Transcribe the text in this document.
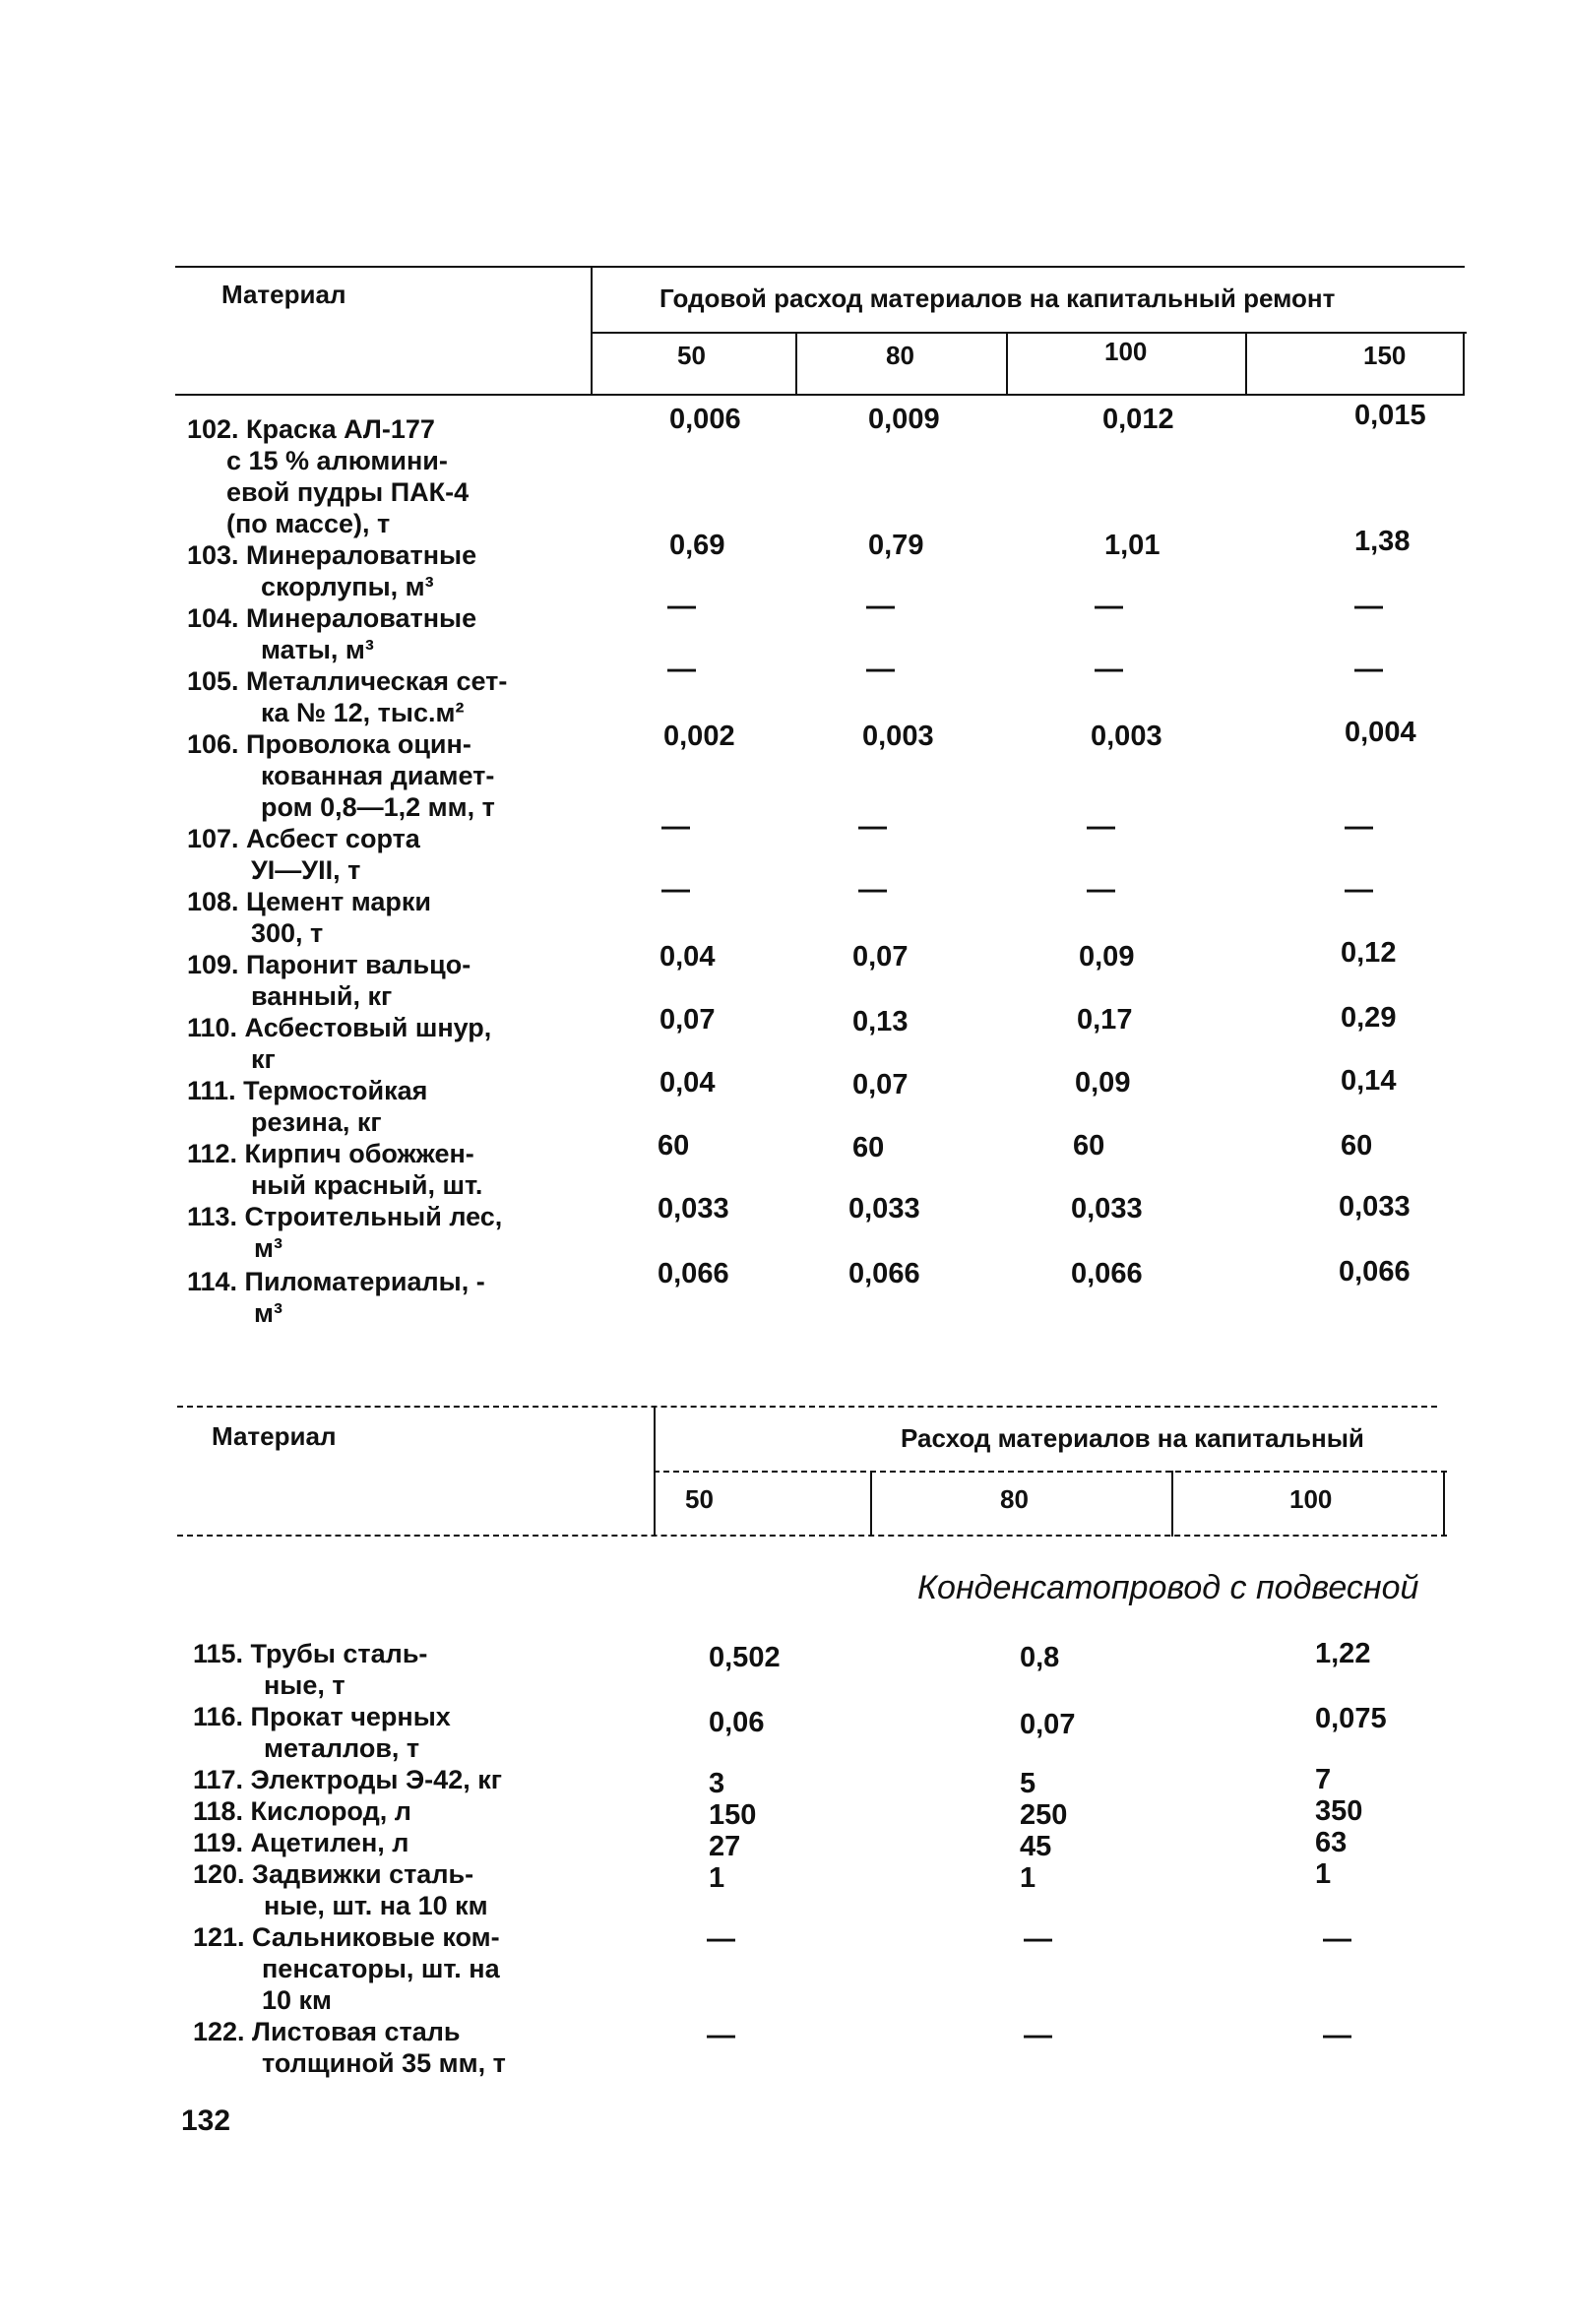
Материал	Годовой расход материалов на капитальный ремонт
50	80	100	150
102. Краска АЛ-177
с 15 % алюмини-
евой пудры ПАК-4
(по массе), т
0,006	0,009	0,012	0,015
103. Минераловатные
скорлупы, м³
0,69	0,79	1,01	1,38
104. Минераловатные
маты, м³
—	—	—	—
105. Металлическая сет-
ка № 12, тыс.м²
—	—	—	—
106. Проволока оцин-
кованная диамет-
ром 0,8—1,2 мм, т
0,002	0,003	0,003	0,004
107. Асбест сорта
УI—УII, т
—	—	—	—
108. Цемент марки
300, т
—	—	—	—
109. Паронит вальцо-
ванный, кг
0,04	0,07	0,09	0,12
110. Асбестовый шнур,
кг
0,07	0,13	0,17	0,29
111. Термостойкая
резина, кг
0,04	0,07	0,09	0,14
112. Кирпич обожжен-
ный красный, шт.
60	60	60	60
113. Строительный лес,
м³
0,033	0,033	0,033	0,033
114. Пиломатериалы, -
м³
0,066	0,066	0,066	0,066
Материал	Расход материалов на капитальный
50	80	100
Конденсатопровод с подвесной
115. Трубы сталь-
ные, т
0,502	0,8	1,22
116. Прокат черных
металлов, т
0,06	0,07	0,075
117. Электроды Э-42, кг	3	5	7
118. Кислород, л	150	250	350
119. Ацетилен, л	27	45	63
120. Задвижки сталь-
ные, шт. на 10 км
1	1	1
121. Сальниковые ком-
пенсаторы, шт. на
10 км
—	—	—
122. Листовая сталь
толщиной 35 мм, т
—	—	—
132
